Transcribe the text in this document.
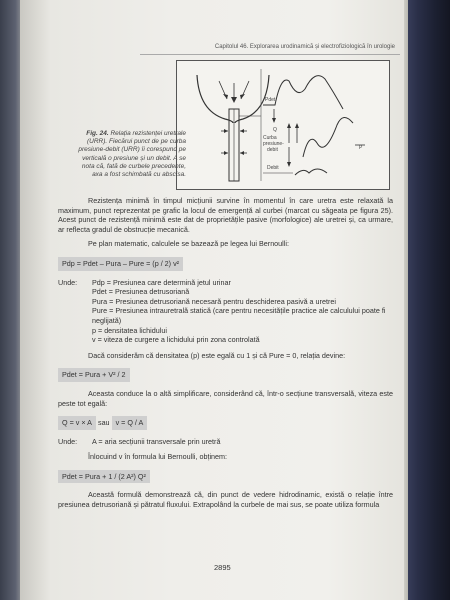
Capitolul 46. Explorarea urodinamică și electrofiziologică în urologie
Pdet
Q
Curba
presiune-
debit	P
Debit
Fig. 24. Relația rezistenței uretrale (URR). Fiecărui punct de pe curba presiune-debit (URR) îi corespund pe verticală o presiune și un debit. A se nota că, fată de curbele precedente, axa a fost schimbată cu abscisa.

Rezistența minimă în timpul micțiunii survine în momentul în care uretra este relaxată la maximum, punct reprezentat pe grafic la locul de emergență al curbei (marcat cu săgeata pe figura 25). Acest punct de rezistență minimă este dat de proprietățile pasive (morfologice) ale uretrei și, ca urmare, ar reflecta gradul de obstrucție mecanică.

Pe plan matematic, calculele se bazează pe legea lui Bernoulli:

Pdp = Pdet – Pura – Pure = (p / 2) v²
Unde:	Pdp = Presiunea care determină jetul urinar
Pdet = Presiunea detrusoriană
Pura = Presiunea detrusoriană necesară pentru deschiderea pasivă a uretrei
Pure = Presiunea intrauretrală statică (care pentru necesitățile practice ale calculului poate fi neglijată)
p = densitatea lichidului
v = viteza de curgere a lichidului prin zona controlată

Dacă considerăm că densitatea (p) este egală cu 1 și că Pure = 0, relația devine:

Pdet = Pura + V² / 2

Aceasta conduce la o altă simplificare, considerând că, într-o secțiune transversală, viteza este peste tot egală:

Q = v × A sau v = Q / A
Unde:	A = aria secțiunii transversale prin uretră

Înlocuind v în formula lui Bernoulli, obținem:

Pdet = Pura + 1 / (2 A²) Q²

Această formulă demonstrează că, din punct de vedere hidrodinamic, există o relație între presiunea detrusoriană și pătratul fluxului. Extrapolând la curbele de mai sus, se poate utiliza formula

2895
